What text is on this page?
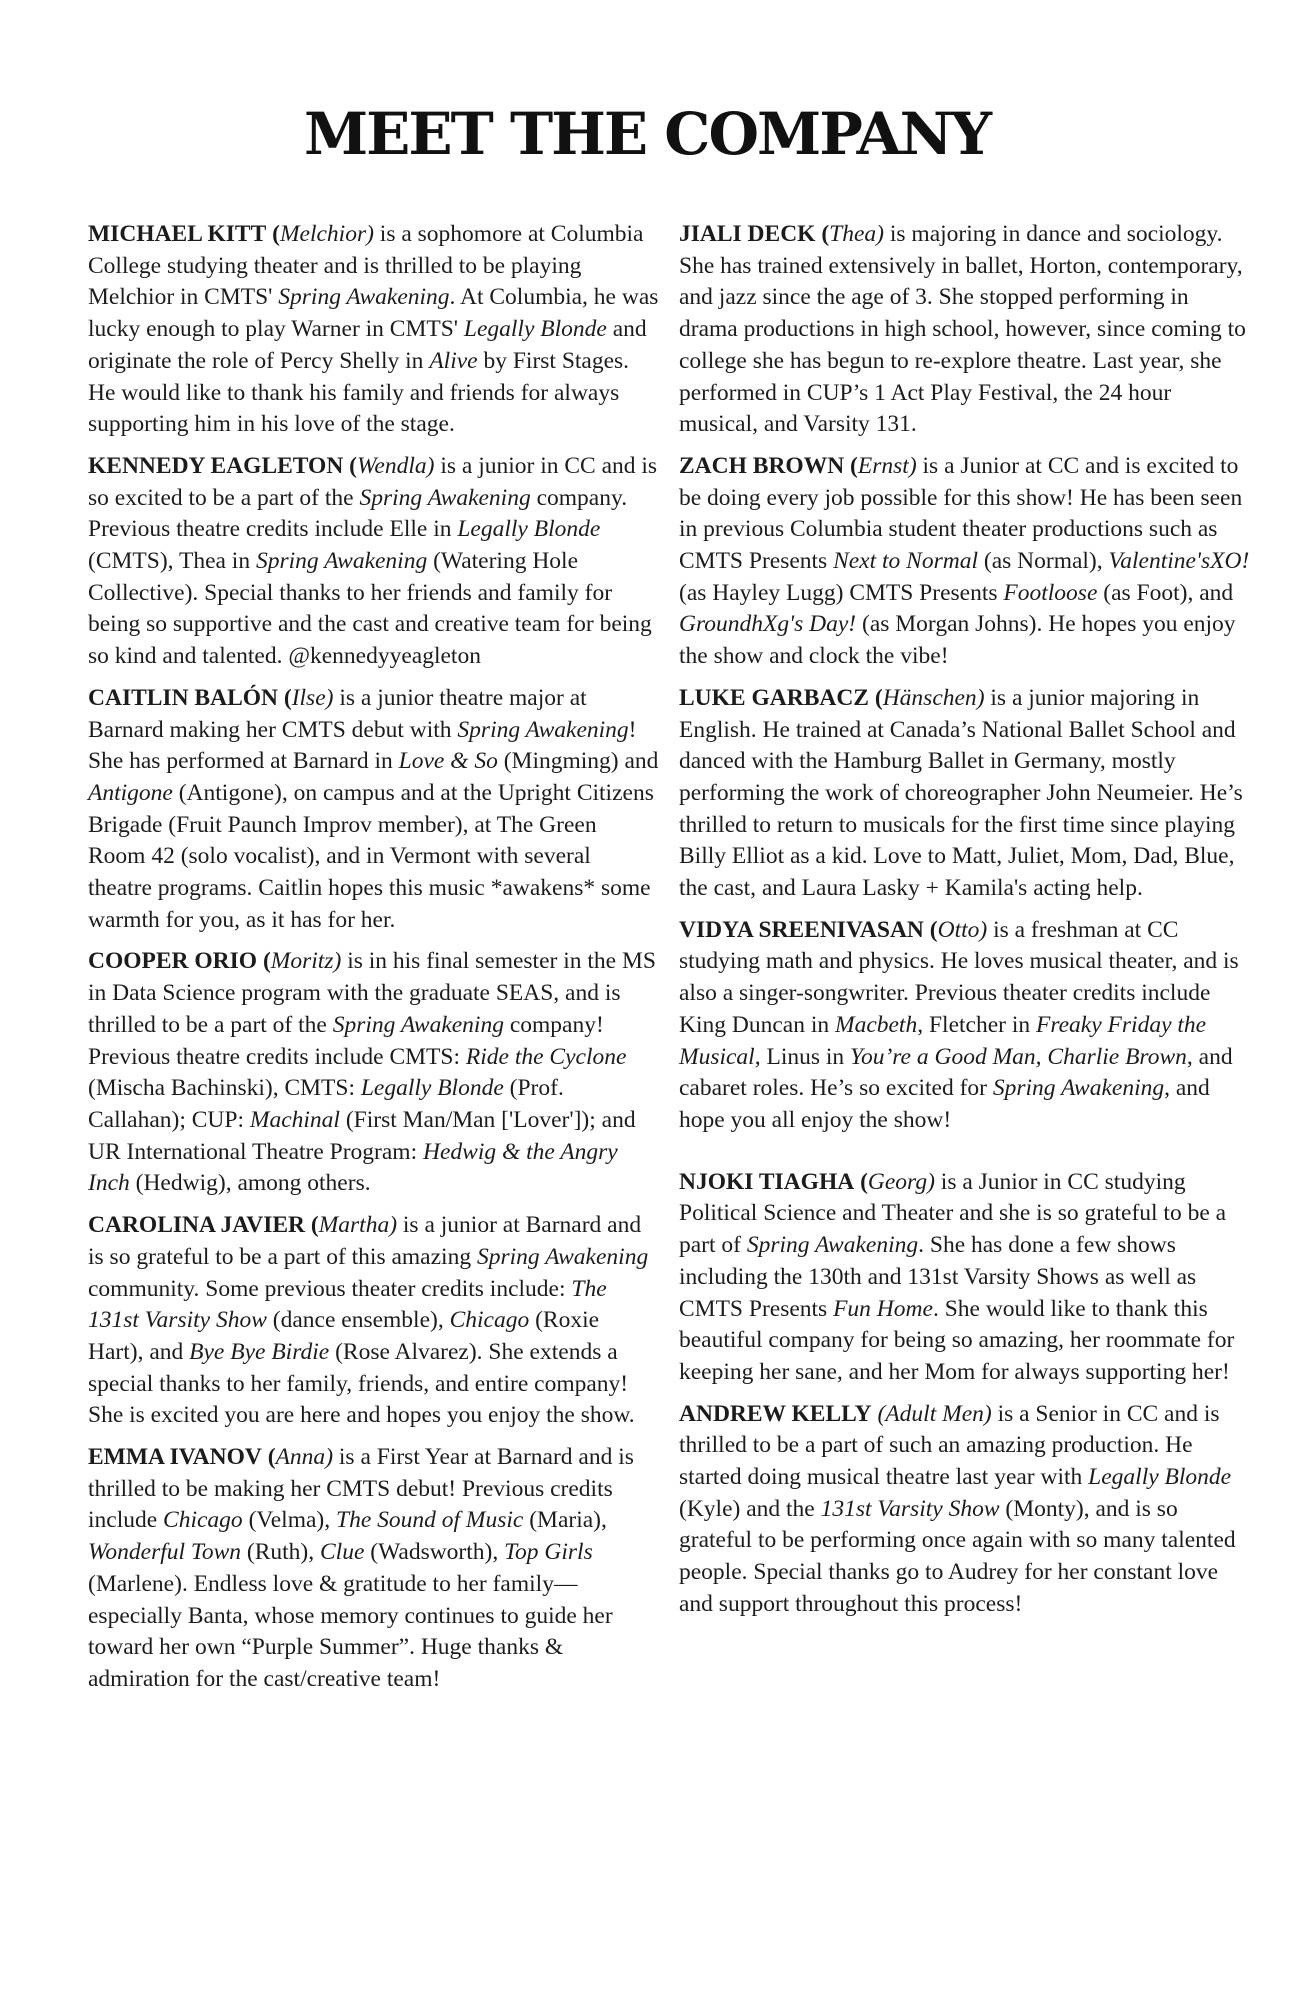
MEET THE COMPANY

MICHAEL KITT (Melchior) is a sophomore at Columbia College studying theater and is thrilled to be playing Melchior in CMTS' Spring Awakening. At Columbia, he was lucky enough to play Warner in CMTS' Legally Blonde and originate the role of Percy Shelly in Alive by First Stages. He would like to thank his family and friends for always supporting him in his love of the stage.

KENNEDY EAGLETON (Wendla) is a junior in CC and is so excited to be a part of the Spring Awakening company. Previous theatre credits include Elle in Legally Blonde (CMTS), Thea in Spring Awakening (Watering Hole Collective). Special thanks to her friends and family for being so supportive and the cast and creative team for being so kind and talented. @kennedyyeagleton

CAITLIN BALÓN (Ilse) is a junior theatre major at Barnard making her CMTS debut with Spring Awakening! She has performed at Barnard in Love & So (Mingming) and Antigone (Antigone), on campus and at the Upright Citizens Brigade (Fruit Paunch Improv member), at The Green Room 42 (solo vocalist), and in Vermont with several theatre programs. Caitlin hopes this music *awakens* some warmth for you, as it has for her.

COOPER ORIO (Moritz) is in his final semester in the MS in Data Science program with the graduate SEAS, and is thrilled to be a part of the Spring Awakening company! Previous theatre credits include CMTS: Ride the Cyclone (Mischa Bachinski), CMTS: Legally Blonde (Prof. Callahan); CUP: Machinal (First Man/Man ['Lover']); and UR International Theatre Program: Hedwig & the Angry Inch (Hedwig), among others.

CAROLINA JAVIER (Martha) is a junior at Barnard and is so grateful to be a part of this amazing Spring Awakening community. Some previous theater credits include: The 131st Varsity Show (dance ensemble), Chicago (Roxie Hart), and Bye Bye Birdie (Rose Alvarez). She extends a special thanks to her family, friends, and entire company! She is excited you are here and hopes you enjoy the show.

EMMA IVANOV (Anna) is a First Year at Barnard and is thrilled to be making her CMTS debut! Previous credits include Chicago (Velma), The Sound of Music (Maria), Wonderful Town (Ruth), Clue (Wadsworth), Top Girls (Marlene). Endless love & gratitude to her family—especially Banta, whose memory continues to guide her toward her own “Purple Summer”. Huge thanks & admiration for the cast/creative team!

JIALI DECK (Thea) is majoring in dance and sociology. She has trained extensively in ballet, Horton, contemporary, and jazz since the age of 3. She stopped performing in drama productions in high school, however, since coming to college she has begun to re-explore theatre. Last year, she performed in CUP’s 1 Act Play Festival, the 24 hour musical, and Varsity 131.

ZACH BROWN (Ernst) is a Junior at CC and is excited to be doing every job possible for this show! He has been seen in previous Columbia student theater productions such as CMTS Presents Next to Normal (as Normal), Valentine'sXO! (as Hayley Lugg) CMTS Presents Footloose (as Foot), and GroundhXg's Day! (as Morgan Johns). He hopes you enjoy the show and clock the vibe!

LUKE GARBACZ (Hänschen) is a junior majoring in English. He trained at Canada’s National Ballet School and danced with the Hamburg Ballet in Germany, mostly performing the work of choreographer John Neumeier. He’s thrilled to return to musicals for the first time since playing Billy Elliot as a kid. Love to Matt, Juliet, Mom, Dad, Blue, the cast, and Laura Lasky + Kamila's acting help.

VIDYA SREENIVASAN (Otto) is a freshman at CC studying math and physics. He loves musical theater, and is also a singer-songwriter. Previous theater credits include King Duncan in Macbeth, Fletcher in Freaky Friday the Musical, Linus in You’re a Good Man, Charlie Brown, and cabaret roles. He’s so excited for Spring Awakening, and hope you all enjoy the show!

NJOKI TIAGHA (Georg) is a Junior in CC studying Political Science and Theater and she is so grateful to be a part of Spring Awakening. She has done a few shows including the 130th and 131st Varsity Shows as well as CMTS Presents Fun Home. She would like to thank this beautiful company for being so amazing, her roommate for keeping her sane, and her Mom for always supporting her!

ANDREW KELLY (Adult Men) is a Senior in CC and is thrilled to be a part of such an amazing production. He started doing musical theatre last year with Legally Blonde (Kyle) and the 131st Varsity Show (Monty), and is so grateful to be performing once again with so many talented people. Special thanks go to Audrey for her constant love and support throughout this process!
